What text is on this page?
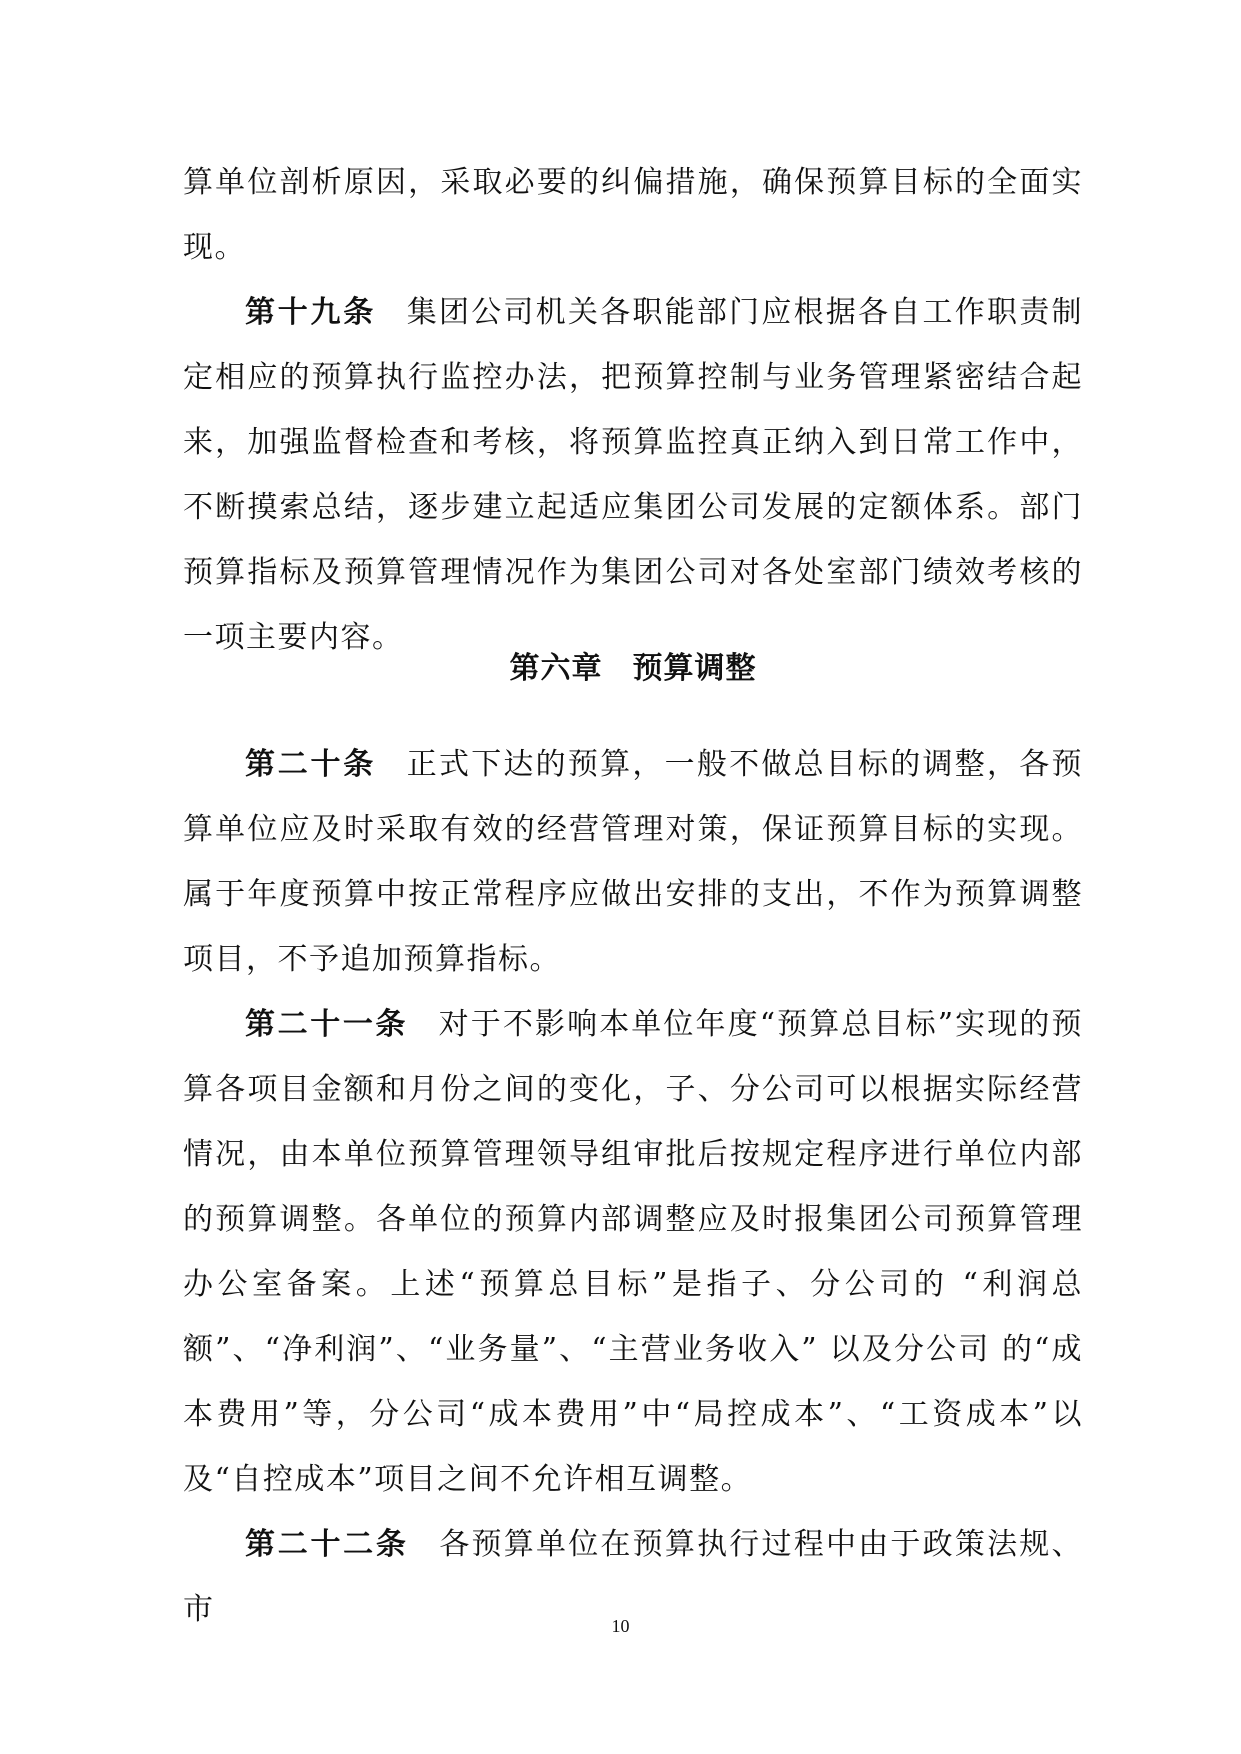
算单位剖析原因，采取必要的纠偏措施，确保预算目标的全面实现。

第十九条 集团公司机关各职能部门应根据各自工作职责制定相应的预算执行监控办法，把预算控制与业务管理紧密结合起来，加强监督检查和考核，将预算监控真正纳入到日常工作中，不断摸索总结，逐步建立起适应集团公司发展的定额体系。部门预算指标及预算管理情况作为集团公司对各处室部门绩效考核的一项主要内容。

第六章 预算调整

第二十条 正式下达的预算，一般不做总目标的调整，各预算单位应及时采取有效的经营管理对策，保证预算目标的实现。属于年度预算中按正常程序应做出安排的支出，不作为预算调整项目，不予追加预算指标。

第二十一条 对于不影响本单位年度“预算总目标”实现的预算各项目金额和月份之间的变化，子、分公司可以根据实际经营情况，由本单位预算管理领导组审批后按规定程序进行单位内部的预算调整。各单位的预算内部调整应及时报集团公司预算管理办公室备案。上述“预算总目标”是指子、分公司的 “利润总额”、“净利润”、“业务量”、“主营业务收入” 以及分公司 的“成本费用”等，分公司“成本费用”中“局控成本”、“工资成本”以及“自控成本”项目之间不允许相互调整。

第二十二条 各预算单位在预算执行过程中由于政策法规、市	10
